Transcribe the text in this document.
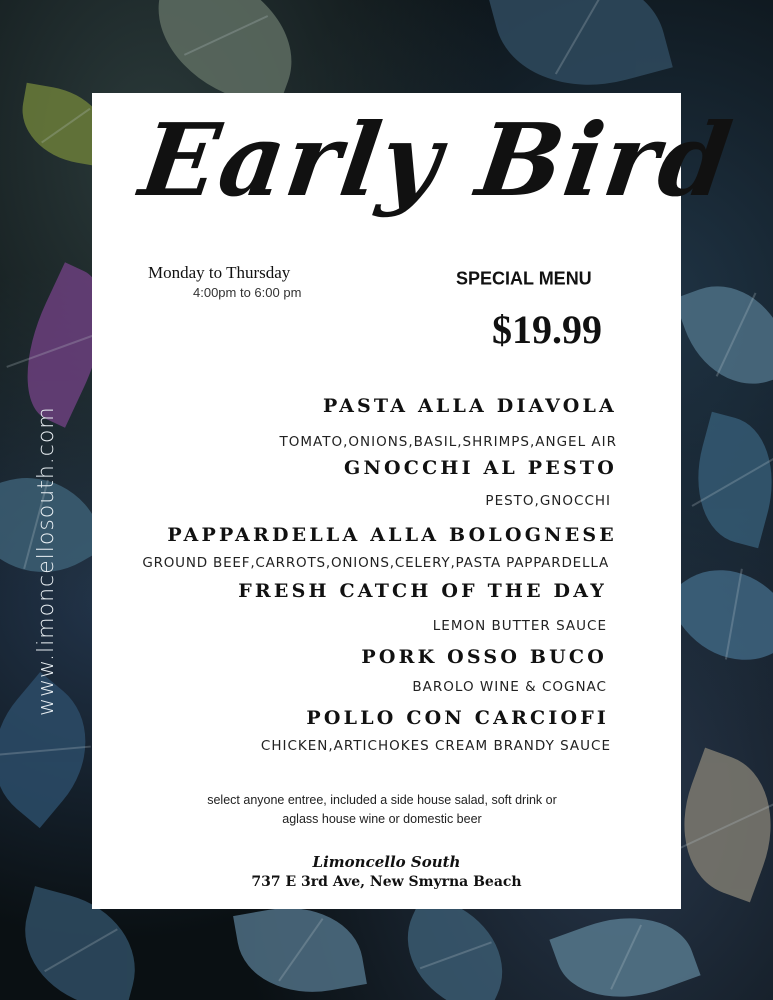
www.limoncellosouth.com
Early Bird
Monday to Thursday
4:00pm to 6:00 pm
SPECIAL MENU
$19.99
PASTA ALLA DIAVOLA
TOMATO,ONIONS,BASIL,SHRIMPS,ANGEL AIR
GNOCCHI AL PESTO
PESTO,GNOCCHI
PAPPARDELLA ALLA BOLOGNESE
GROUND BEEF,CARROTS,ONIONS,CELERY,PASTA PAPPARDELLA
FRESH CATCH OF THE DAY
LEMON BUTTER SAUCE
PORK OSSO BUCO
BAROLO WINE & COGNAC
POLLO CON CARCIOFI
CHICKEN,ARTICHOKES CREAM BRANDY SAUCE
select anyone entree, included a side house salad, soft drink or
aglass house wine or domestic beer
Limoncello South
737 E 3rd Ave, New Smyrna Beach
